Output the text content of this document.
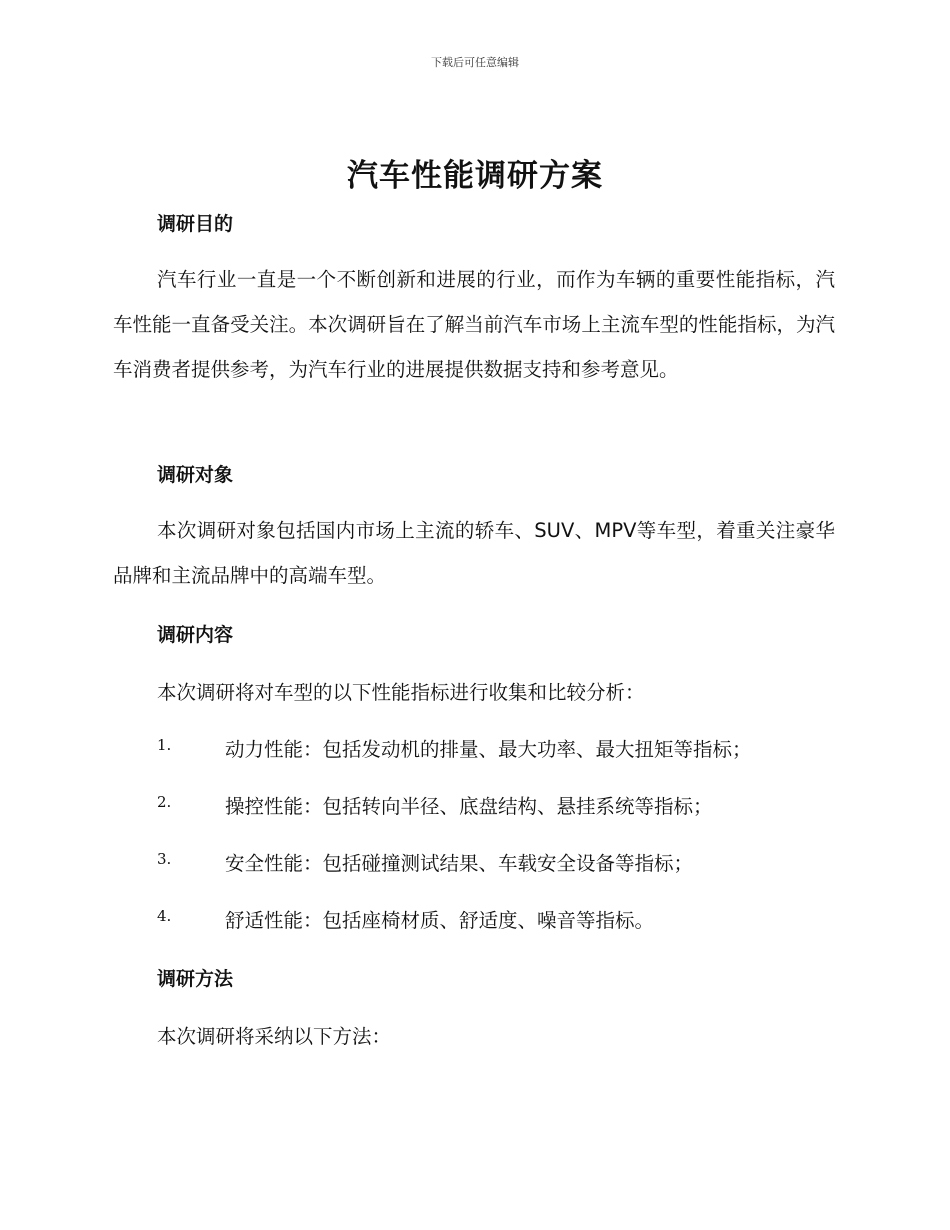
下载后可任意编辑
汽车性能调研方案
调研目的

汽车行业一直是一个不断创新和进展的行业，而作为车辆的重要性能指标，汽车性能一直备受关注。本次调研旨在了解当前汽车市场上主流车型的性能指标，为汽车消费者提供参考，为汽车行业的进展提供数据支持和参考意见。

调研对象

本次调研对象包括国内市场上主流的轿车、SUV、MPV等车型，着重关注豪华品牌和主流品牌中的高端车型。

调研内容

本次调研将对车型的以下性能指标进行收集和比较分析：

1.	动力性能：包括发动机的排量、最大功率、最大扭矩等指标；
2.	操控性能：包括转向半径、底盘结构、悬挂系统等指标；
3.	安全性能：包括碰撞测试结果、车载安全设备等指标；
4.	舒适性能：包括座椅材质、舒适度、噪音等指标。
调研方法

本次调研将采纳以下方法：
